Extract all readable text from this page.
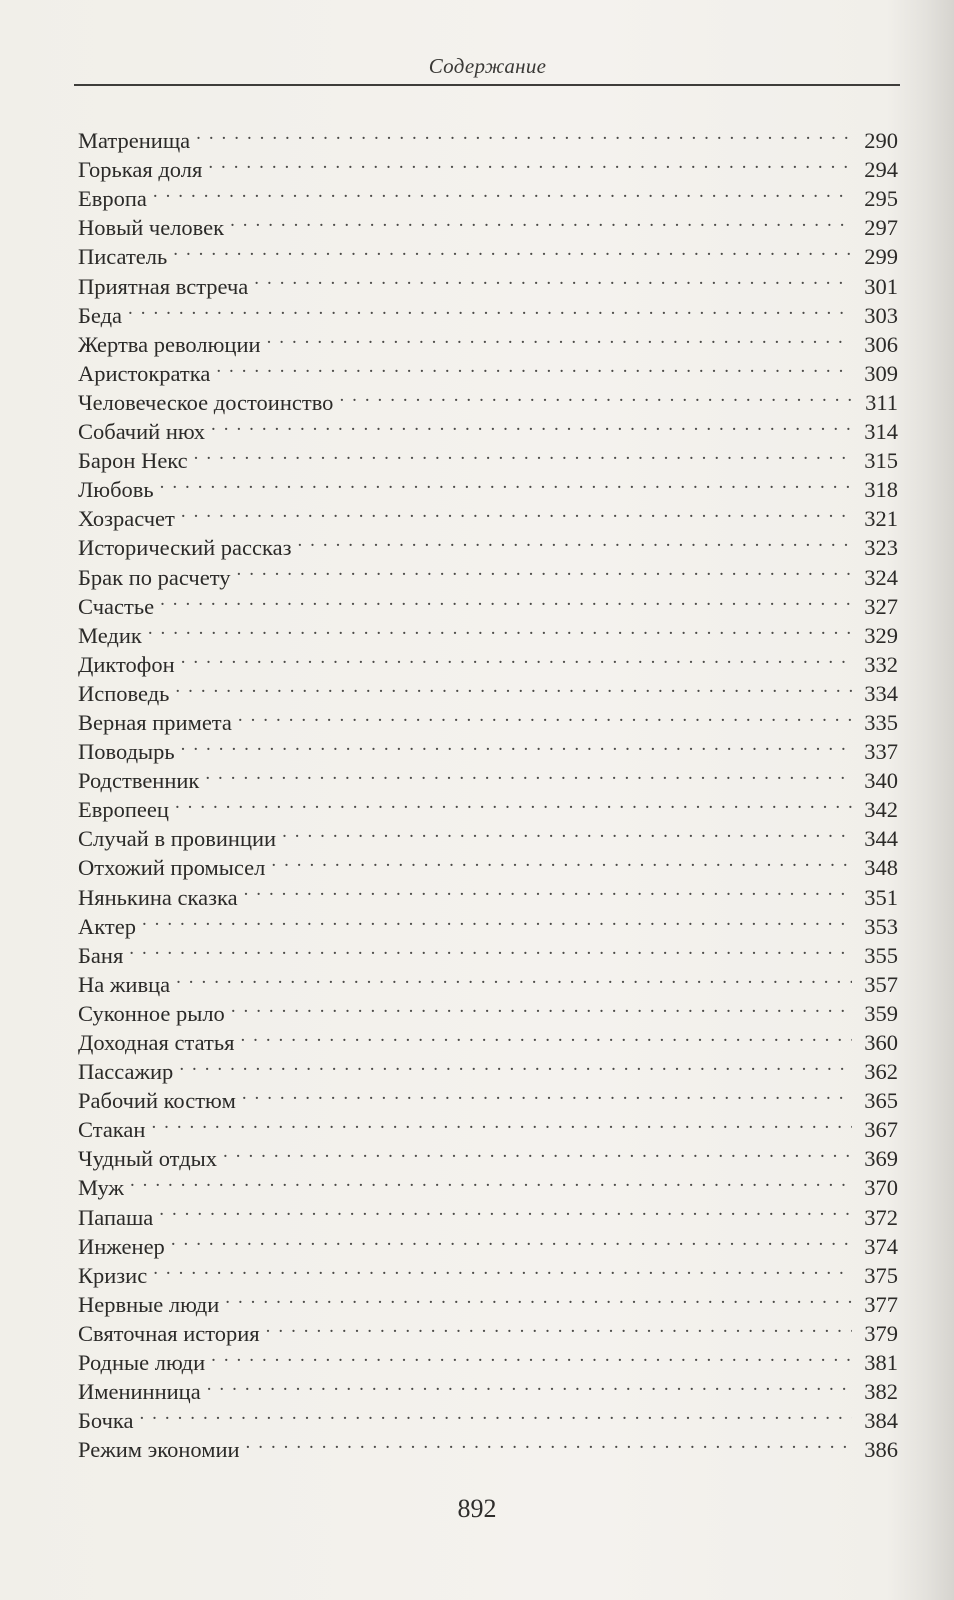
Содержание
Матренища . . .	290
Горькая доля . . .	294
Европа . . .	295
Новый человек . . .	297
Писатель . . .	299
Приятная встреча . . .	301
Беда . . .	303
Жертва революции . . .	306
Аристократка . . .	309
Человеческое достоинство . . .	311
Собачий нюх . . .	314
Барон Некс . . .	315
Любовь . . .	318
Хозрасчет . . .	321
Исторический рассказ . . .	323
Брак по расчету . . .	324
Счастье . . .	327
Медик . . .	329
Диктофон . . .	332
Исповедь . . .	334
Верная примета . . .	335
Поводырь . . .	337
Родственник . . .	340
Европеец . . .	342
Случай в провинции . . .	344
Отхожий промысел . . .	348
Нянькина сказка . . .	351
Актер . . .	353
Баня . . .	355
На живца . . .	357
Суконное рыло . . .	359
Доходная статья . . .	360
Пассажир . . .	362
Рабочий костюм . . .	365
Стакан . . .	367
Чудный отдых . . .	369
Муж . . .	370
Папаша . . .	372
Инженер . . .	374
Кризис . . .	375
Нервные люди . . .	377
Святочная история . . .	379
Родные люди . . .	381
Именинница . . .	382
Бочка . . .	384
Режим экономии . . .	386
892
